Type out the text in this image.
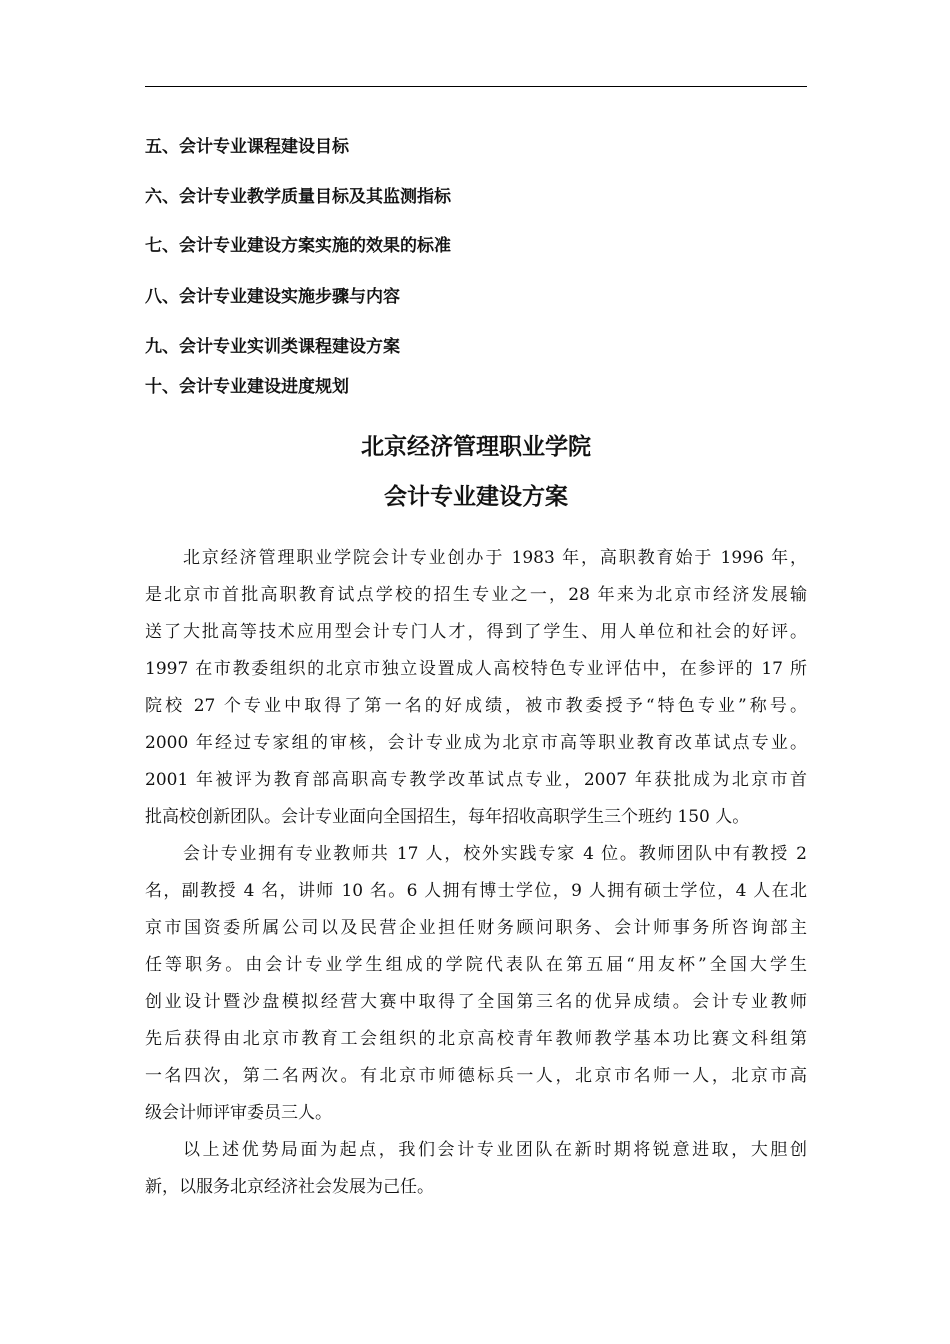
五、会计专业课程建设目标
六、会计专业教学质量目标及其监测指标
七、会计专业建设方案实施的效果的标准
八、会计专业建设实施步骤与内容
九、会计专业实训类课程建设方案
十、会计专业建设进度规划
北京经济管理职业学院
会计专业建设方案

北京经济管理职业学院会计专业创办于 1983 年，高职教育始于 1996 年，
是北京市首批高职教育试点学校的招生专业之一，28 年来为北京市经济发展输
送了大批高等技术应用型会计专门人才，得到了学生、用人单位和社会的好评。
1997 在市教委组织的北京市独立设置成人高校特色专业评估中，在参评的 17 所
院校 27 个专业中取得了第一名的好成绩，被市教委授予“特色专业”称号。
2000 年经过专家组的审核，会计专业成为北京市高等职业教育改革试点专业。
2001 年被评为教育部高职高专教学改革试点专业，2007 年获批成为北京市首
批高校创新团队。会计专业面向全国招生，每年招收高职学生三个班约 150 人。

会计专业拥有专业教师共 17 人，校外实践专家 4 位。教师团队中有教授 2
名，副教授 4 名，讲师 10 名。6 人拥有博士学位，9 人拥有硕士学位，4 人在北
京市国资委所属公司以及民营企业担任财务顾问职务、会计师事务所咨询部主
任等职务。由会计专业学生组成的学院代表队在第五届“用友杯”全国大学生
创业设计暨沙盘模拟经营大赛中取得了全国第三名的优异成绩。会计专业教师
先后获得由北京市教育工会组织的北京高校青年教师教学基本功比赛文科组第
一名四次，第二名两次。有北京市师德标兵一人，北京市名师一人，北京市高
级会计师评审委员三人。

以上述优势局面为起点，我们会计专业团队在新时期将锐意进取，大胆创
新，以服务北京经济社会发展为己任。
